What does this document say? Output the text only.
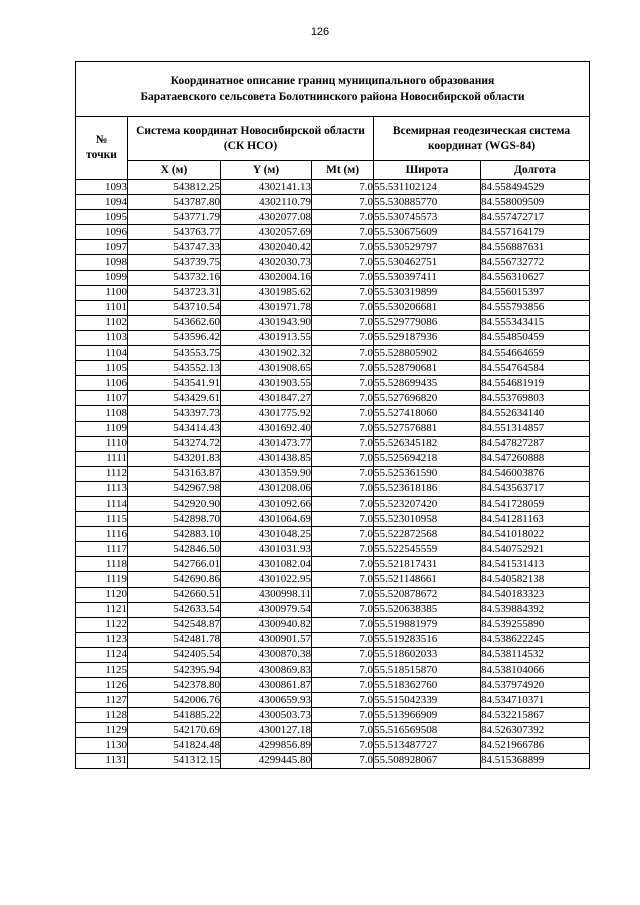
126
Координатное описание границ муниципального образования
Баратаевского сельсовета Болотнинского района Новосибирской области					

№
точки	Система координат Новосибирской области (СК НСО)			Всемирная геодезическая система координат (WGS-84)	
	X (м)	Y (м)	Mt (м)	Широта	Долгота
1093	543812.25	4302141.13	7.0	55.531102124	84.558494529
1094	543787.80	4302110.79	7.0	55.530885770	84.558009509
1095	543771.79	4302077.08	7.0	55.530745573	84.557472717
1096	543763.77	4302057.69	7.0	55.530675609	84.557164179
1097	543747.33	4302040.42	7.0	55.530529797	84.556887631
1098	543739.75	4302030.73	7.0	55.530462751	84.556732772
1099	543732.16	4302004.16	7.0	55.530397411	84.556310627
1100	543723.31	4301985.62	7.0	55.530319899	84.556015397
1101	543710.54	4301971.78	7.0	55.530206681	84.555793856
1102	543662.60	4301943.90	7.0	55.529779086	84.555343415
1103	543596.42	4301913.55	7.0	55.529187936	84.554850459
1104	543553.75	4301902.32	7.0	55.528805902	84.554664659
1105	543552.13	4301908.65	7.0	55.528790681	84.554764584
1106	543541.91	4301903.55	7.0	55.528699435	84.554681919
1107	543429.61	4301847.27	7.0	55.527696820	84.553769803
1108	543397.73	4301775.92	7.0	55.527418060	84.552634140
1109	543414.43	4301692.40	7.0	55.527576881	84.551314857
1110	543274.72	4301473.77	7.0	55.526345182	84.547827287
1111	543201.83	4301438.85	7.0	55.525694218	84.547260888
1112	543163.87	4301359.90	7.0	55.525361590	84.546003876
1113	542967.98	4301208.06	7.0	55.523618186	84.543563717
1114	542920.90	4301092.66	7.0	55.523207420	84.541728059
1115	542898.70	4301064.69	7.0	55.523010958	84.541281163
1116	542883.10	4301048.25	7.0	55.522872568	84.541018022
1117	542846.50	4301031.93	7.0	55.522545559	84.540752921
1118	542766.01	4301082.04	7.0	55.521817431	84.541531413
1119	542690.86	4301022.95	7.0	55.521148661	84.540582138
1120	542660.51	4300998.11	7.0	55.520878672	84.540183323
1121	542633.54	4300979.54	7.0	55.520638385	84.539884392
1122	542548.87	4300940.82	7.0	55.519881979	84.539255890
1123	542481.78	4300901.57	7.0	55.519283516	84.538622245
1124	542405.54	4300870.38	7.0	55.518602033	84.538114532
1125	542395.94	4300869.83	7.0	55.518515870	84.538104066
1126	542378.80	4300861.87	7.0	55.518362760	84.537974920
1127	542006.76	4300659.93	7.0	55.515042339	84.534710371
1128	541885.22	4300503.73	7.0	55.513966909	84.532215867
1129	542170.69	4300127.18	7.0	55.516569508	84.526307392
1130	541824.48	4299856.89	7.0	55.513487727	84.521966786
1131	541312.15	4299445.80	7.0	55.508928067	84.515368899
